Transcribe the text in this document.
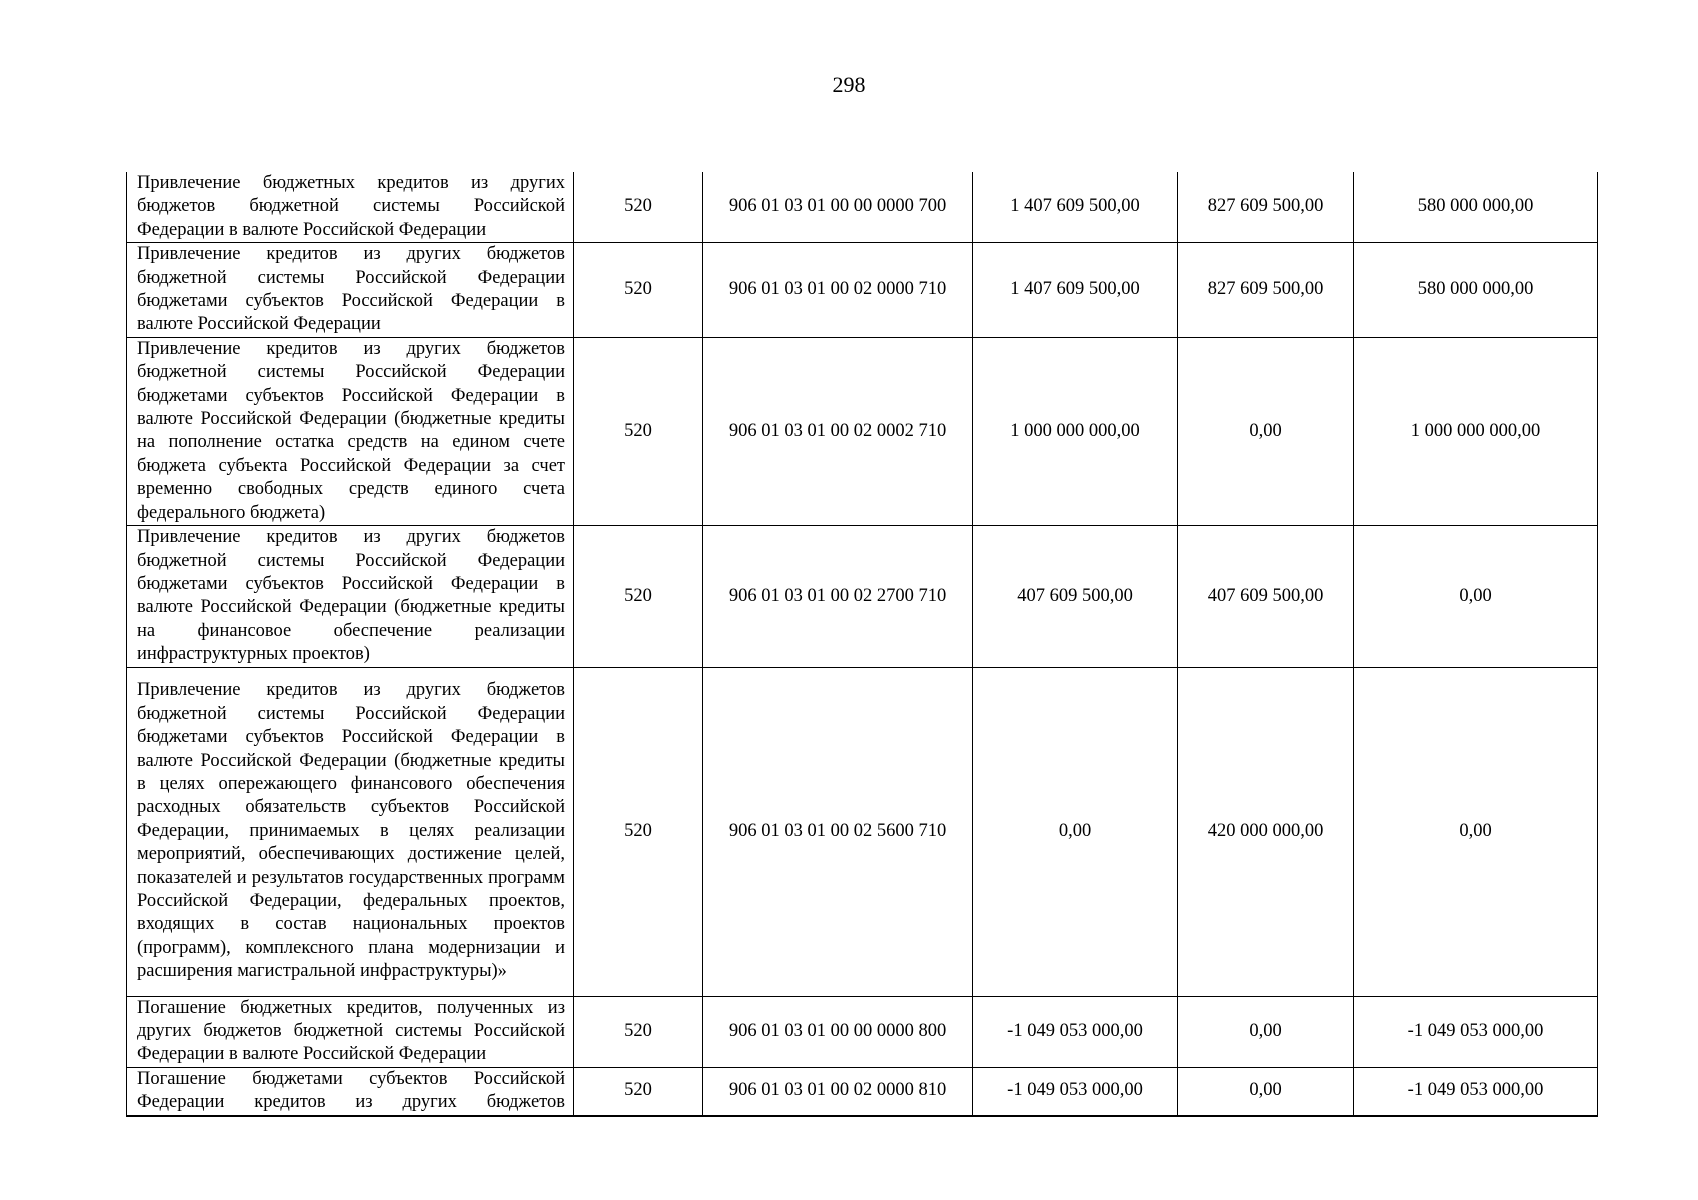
298
Привлечение бюджетных кредитов из других бюджетов бюджетной системы Российской Федерации в валюте Российской Федерации	520	906 01 03 01 00 00 0000 700	1 407 609 500,00	827 609 500,00	580 000 000,00

Привлечение кредитов из других бюджетов бюджетной системы Российской Федерации бюджетами субъектов Российской Федерации в валюте Российской Федерации	520	906 01 03 01 00 02 0000 710	1 407 609 500,00	827 609 500,00	580 000 000,00

Привлечение кредитов из других бюджетов бюджетной системы Российской Федерации бюджетами субъектов Российской Федерации в валюте Российской Федерации (бюджетные кредиты на пополнение остатка средств на едином счете бюджета субъекта Российской Федерации за счет временно свободных средств единого счета федерального бюджета)	520	906 01 03 01 00 02 0002 710	1 000 000 000,00	0,00	1 000 000 000,00

Привлечение кредитов из других бюджетов бюджетной системы Российской Федерации бюджетами субъектов Российской Федерации в валюте Российской Федерации (бюджетные кредиты на финансовое обеспечение реализации инфраструктурных проектов)	520	906 01 03 01 00 02 2700 710	407 609 500,00	407 609 500,00	0,00

Привлечение кредитов из других бюджетов бюджетной системы Российской Федерации бюджетами субъектов Российской Федерации в валюте Российской Федерации (бюджетные кредиты в целях опережающего финансового обеспечения расходных обязательств субъектов Российской Федерации, принимаемых в целях реализации мероприятий, обеспечивающих достижение целей, показателей и результатов государственных программ Российской Федерации, федеральных проектов, входящих в состав национальных проектов (программ), комплексного плана модернизации и расширения магистральной инфраструктуры)»	520	906 01 03 01 00 02 5600 710	0,00	420 000 000,00	0,00

Погашение бюджетных кредитов, полученных из других бюджетов бюджетной системы Российской Федерации в валюте Российской Федерации	520	906 01 03 01 00 00 0000 800	-1 049 053 000,00	0,00	-1 049 053 000,00

Погашение бюджетами субъектов Российской Федерации кредитов из других бюджетов	520	906 01 03 01 00 02 0000 810	-1 049 053 000,00	0,00	-1 049 053 000,00
